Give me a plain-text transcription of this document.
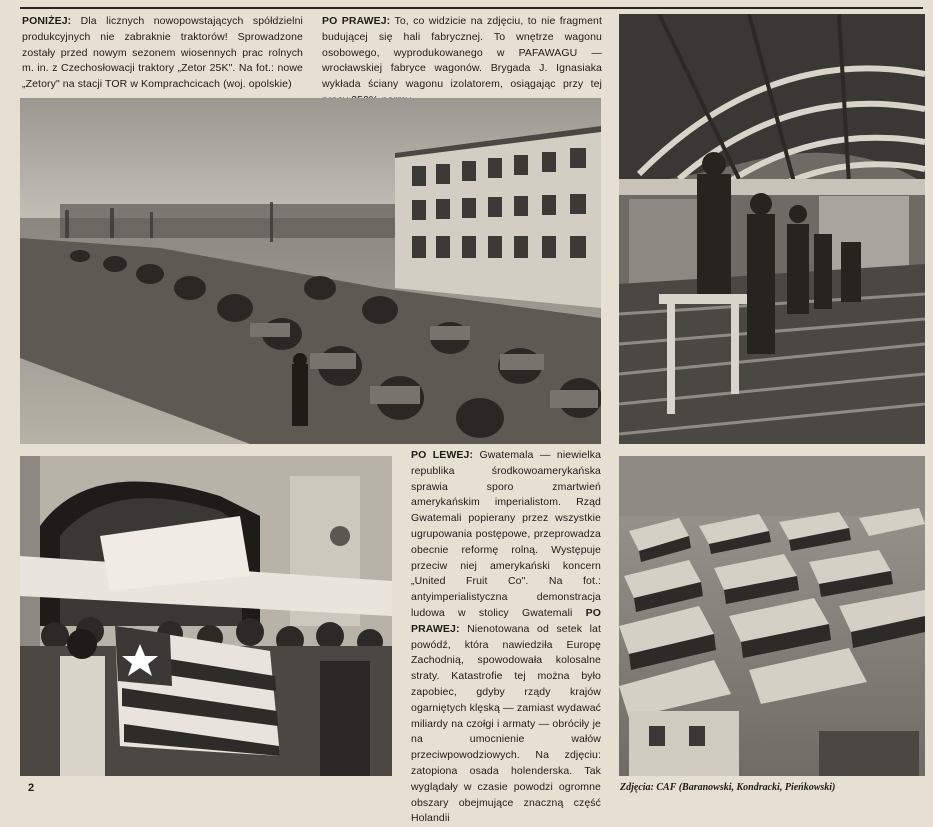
PONIŻEJ: Dla licznych nowopowstających spółdzielni produkcyjnych nie zabraknie traktorów! Sprowadzone zostały przed nowym sezonem wiosennych prac rolnych m. in. z Czechosłowacji traktory „Zetor 25K". Na fot.: nowe „Zetory" na stacji TOR w Komprachcicach (woj. opolskie)
PO PRAWEJ: To, co widzicie na zdjęciu, to nie fragment budującej się hali fabrycznej. To wnętrze wagonu osobowego, wyprodukowanego w PAFAWAGU — wrocławskiej fabryce wagonów. Brygada J. Ignasiaka wykłada ściany wagonu izolatorem, osiągając przy tej
PO LEWEJ: Gwatemala — niewielka republika środkowoamerykańska sprawia sporo zmartwień amerykańskim imperialistom. Rząd Gwatemali popierany przez wszystkie ugrupowania postępowe, przeprowadza obecnie reformę rolną. Występuje przeciw niej amerykański koncern „United Fruit Co". Na fot.: antyimperialistyczna demonstracja ludowa w stolicy Gwatemali PO PRAWEJ: Nienotowana od setek lat powódź, która nawiedziła Europę Zachodnią, spowodowała kolosalne straty. Katastrofie tej można było zapobiec, gdyby rządy krajów ogarniętych klęską — zamiast wydawać miliardy na czołgi i armaty — obróciły je na umocnienie wałów przeciwpowodziowych. Na zdjęciu: zatopiona osada holenderska. Tak wyglądały w czasie powodzi ogromne obszary obejmujące znaczną część Holandii
2	Zdjęcia: CAF (Baranowski, Kondracki, Pieńkowski)
